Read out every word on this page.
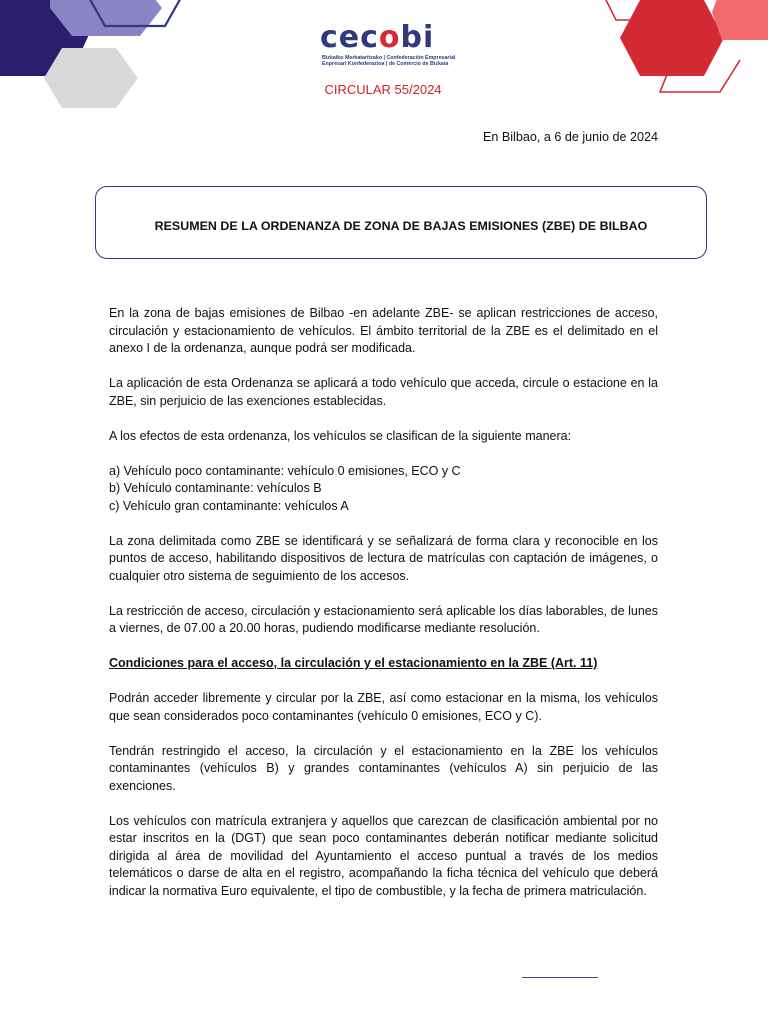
cecobi
Bizkaiko Merkataritzako | Confederación Empresarial
Enpresari Konfederazioa | de Comercio de Bizkaia
CIRCULAR 55/2024
En Bilbao, a 6 de junio de 2024
RESUMEN DE LA ORDENANZA DE ZONA DE BAJAS EMISIONES (ZBE) DE BILBAO

En la zona de bajas emisiones de Bilbao -en adelante ZBE- se aplican restricciones de acceso, circulación y estacionamiento de vehículos. El ámbito territorial de la ZBE es el delimitado en el anexo I de la ordenanza, aunque podrá ser modificada.

La aplicación de esta Ordenanza se aplicará a todo vehículo que acceda, circule o estacione en la ZBE, sin perjuicio de las exenciones establecidas.

A los efectos de esta ordenanza, los vehículos se clasifican de la siguiente manera:

a) Vehículo poco contaminante: vehículo 0 emisiones, ECO y C

b) Vehículo contaminante: vehículos B

c) Vehículo gran contaminante: vehículos A

La zona delimitada como ZBE se identificará y se señalizará de forma clara y reconocible en los puntos de acceso, habilitando dispositivos de lectura de matrículas con captación de imágenes, o cualquier otro sistema de seguimiento de los accesos.

La restricción de acceso, circulación y estacionamiento será aplicable los días laborables, de lunes a viernes, de 07.00 a 20.00 horas, pudiendo modificarse mediante resolución.

Condiciones para el acceso, la circulación y el estacionamiento en la ZBE (Art. 11)

Podrán acceder libremente y circular por la ZBE, así como estacionar en la misma, los vehículos que sean considerados poco contaminantes (vehículo 0 emisiones, ECO y C).

Tendrán restringido el acceso, la circulación y el estacionamiento en la ZBE los vehículos contaminantes (vehículos B) y grandes contaminantes (vehículos A) sin perjuicio de las exenciones.

Los vehículos con matrícula extranjera y aquellos que carezcan de clasificación ambiental por no estar inscritos en la (DGT) que sean poco contaminantes deberán notificar mediante solicitud dirigida al área de movilidad del Ayuntamiento el acceso puntual a través de los medios telemáticos o darse de alta en el registro, acompañando la ficha técnica del vehículo que deberá indicar la normativa Euro equivalente, el tipo de combustible, y la fecha de primera matriculación.
